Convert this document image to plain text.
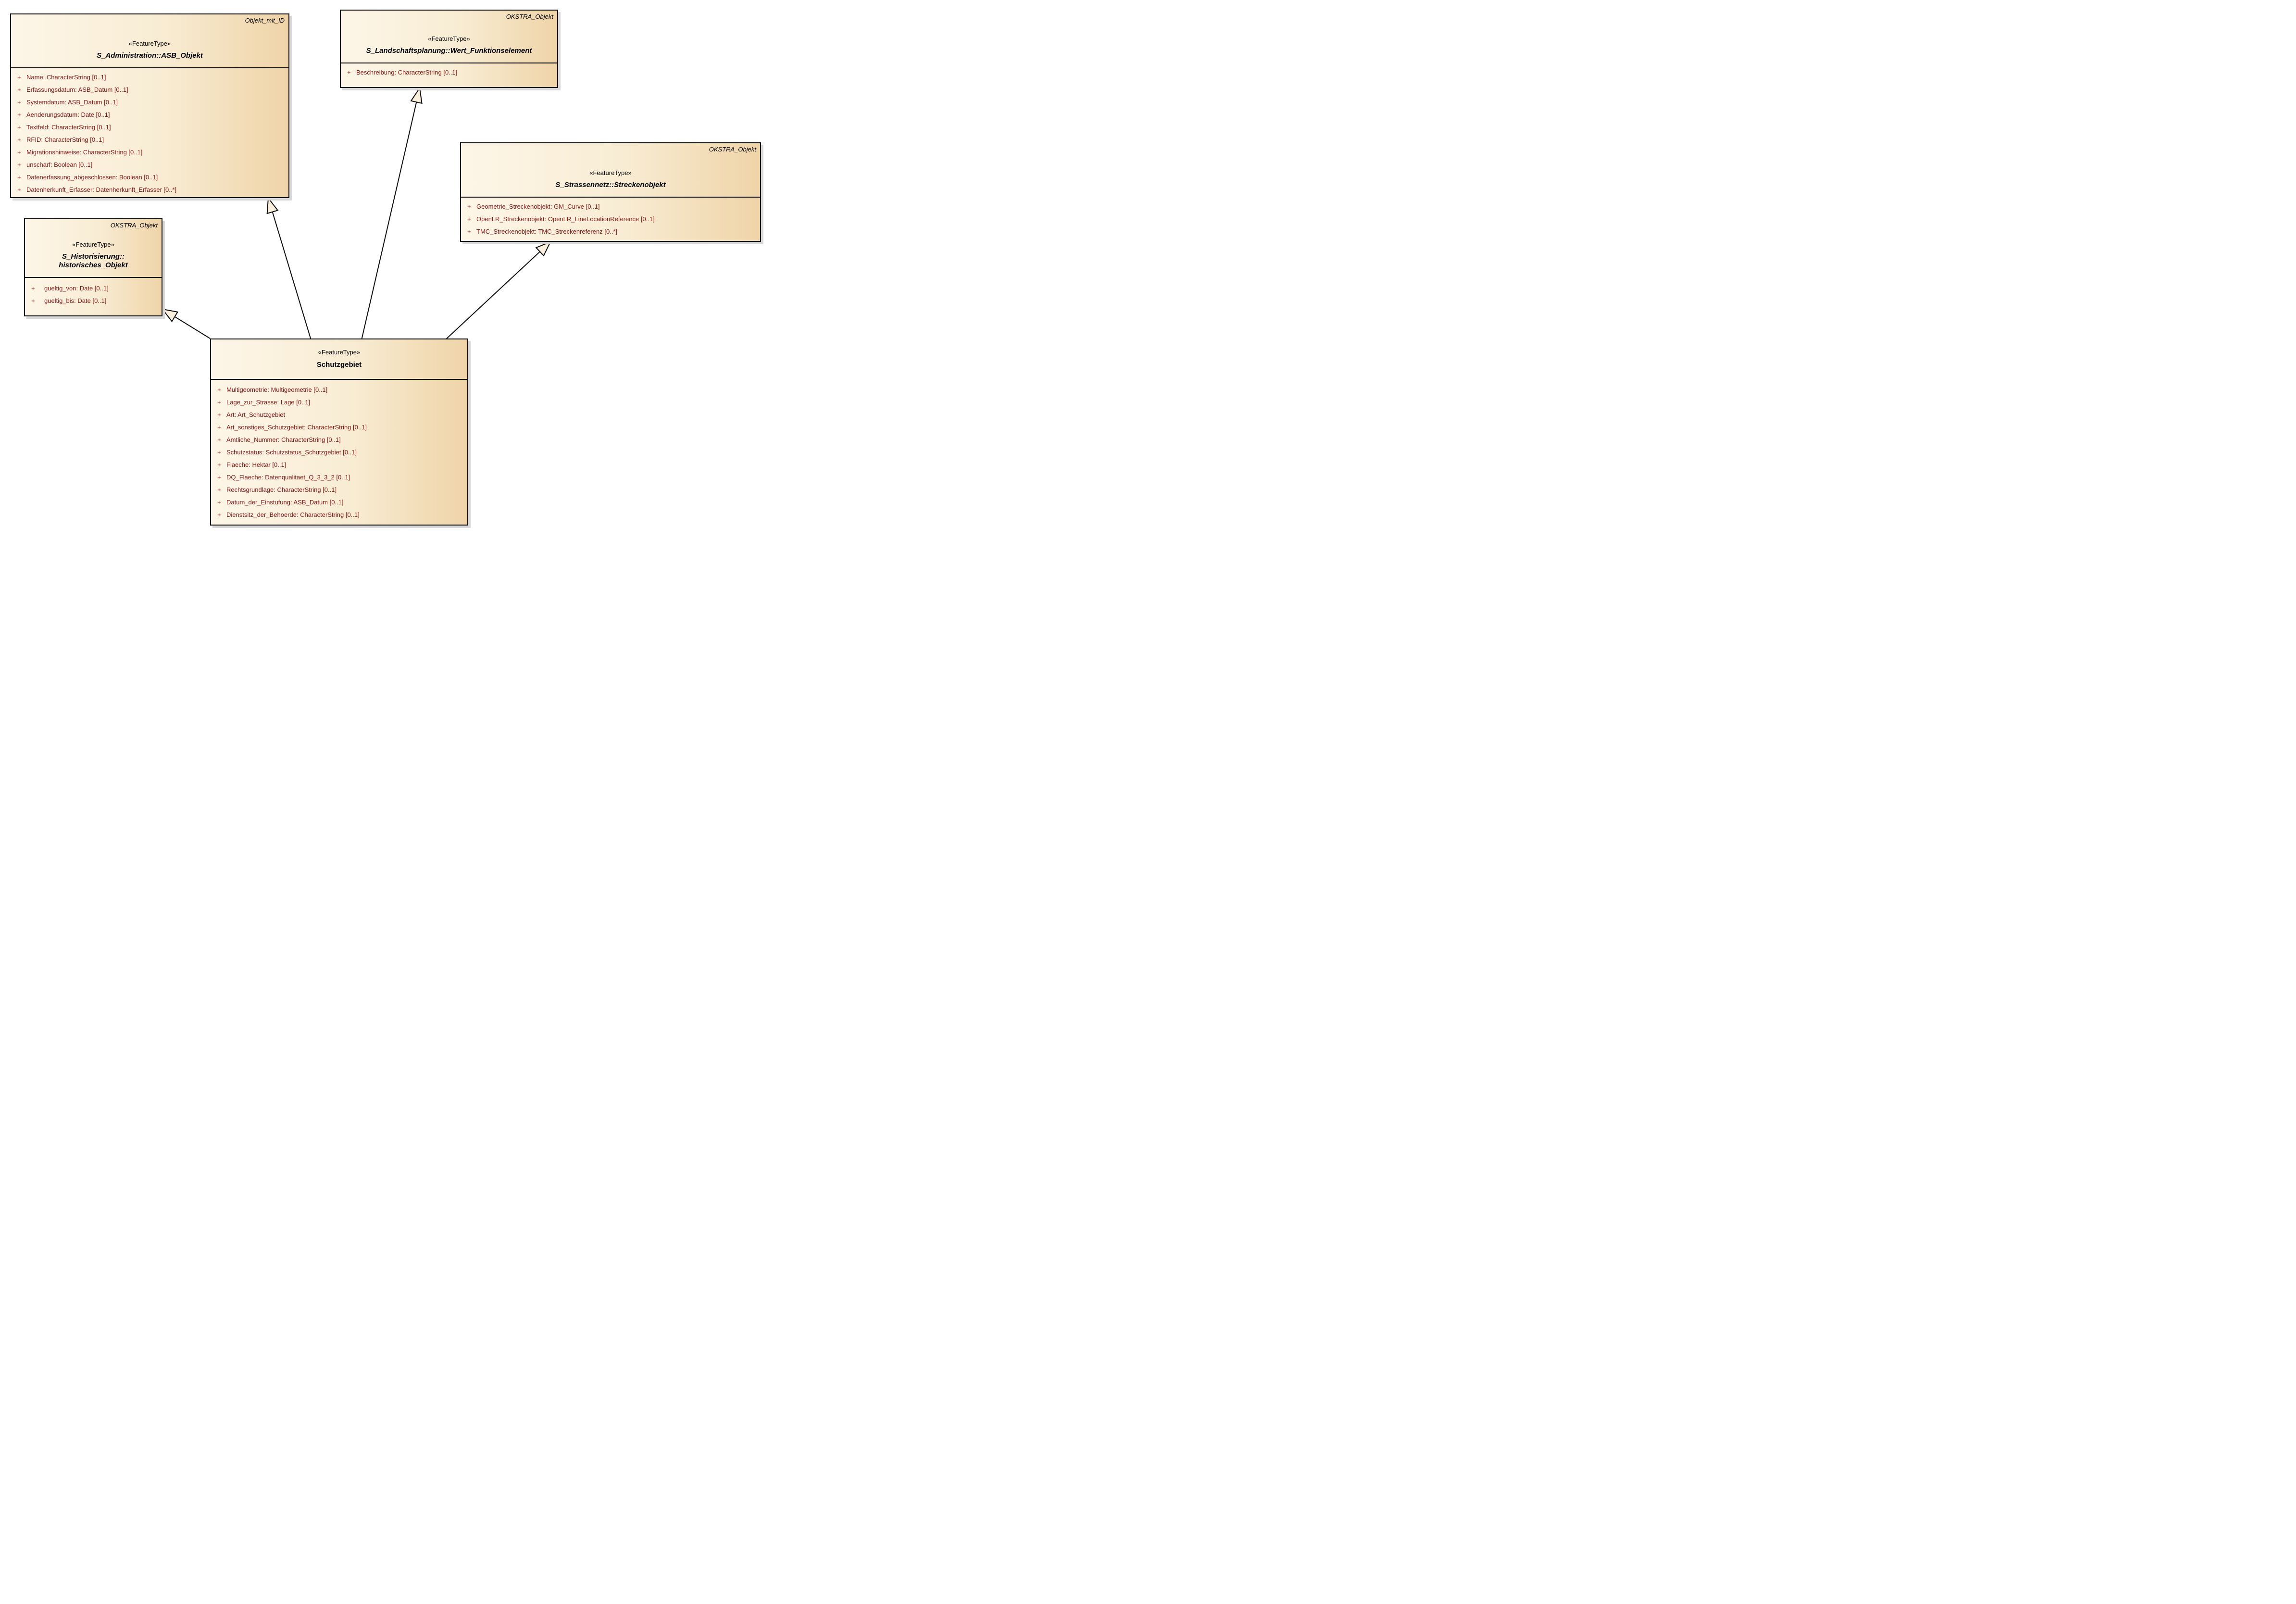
Objekt_mit_ID
«FeatureType»
S_Administration::ASB_Objekt
+ Name: CharacterString [0..1]
+ Erfassungsdatum: ASB_Datum [0..1]
+ Systemdatum: ASB_Datum [0..1]
+ Aenderungsdatum: Date [0..1]
+ Textfeld: CharacterString [0..1]
+ RFID: CharacterString [0..1]
+ Migrationshinweise: CharacterString [0..1]
+ unscharf: Boolean [0..1]
+ Datenerfassung_abgeschlossen: Boolean [0..1]
+ Datenherkunft_Erfasser: Datenherkunft_Erfasser [0..*]
OKSTRA_Objekt
«FeatureType»
S_Landschaftsplanung::Wert_Funktionselement
+ Beschreibung: CharacterString [0..1]
OKSTRA_Objekt
«FeatureType»
S_Strassennetz::Streckenobjekt
+ Geometrie_Streckenobjekt: GM_Curve [0..1]
+ OpenLR_Streckenobjekt: OpenLR_LineLocationReference [0..1]
+ TMC_Streckenobjekt: TMC_Streckenreferenz [0..*]
OKSTRA_Objekt
«FeatureType»
S_Historisierung::
historisches_Objekt
+	gueltig_von: Date [0..1]
+	gueltig_bis: Date [0..1]
«FeatureType»
Schutzgebiet
+ Multigeometrie: Multigeometrie [0..1]
+ Lage_zur_Strasse: Lage [0..1]
+ Art: Art_Schutzgebiet
+ Art_sonstiges_Schutzgebiet: CharacterString [0..1]
+ Amtliche_Nummer: CharacterString [0..1]
+ Schutzstatus: Schutzstatus_Schutzgebiet [0..1]
+ Flaeche: Hektar [0..1]
+ DQ_Flaeche: Datenqualitaet_Q_3_3_2 [0..1]
+ Rechtsgrundlage: CharacterString [0..1]
+ Datum_der_Einstufung: ASB_Datum [0..1]
+ Dienstsitz_der_Behoerde: CharacterString [0..1]
